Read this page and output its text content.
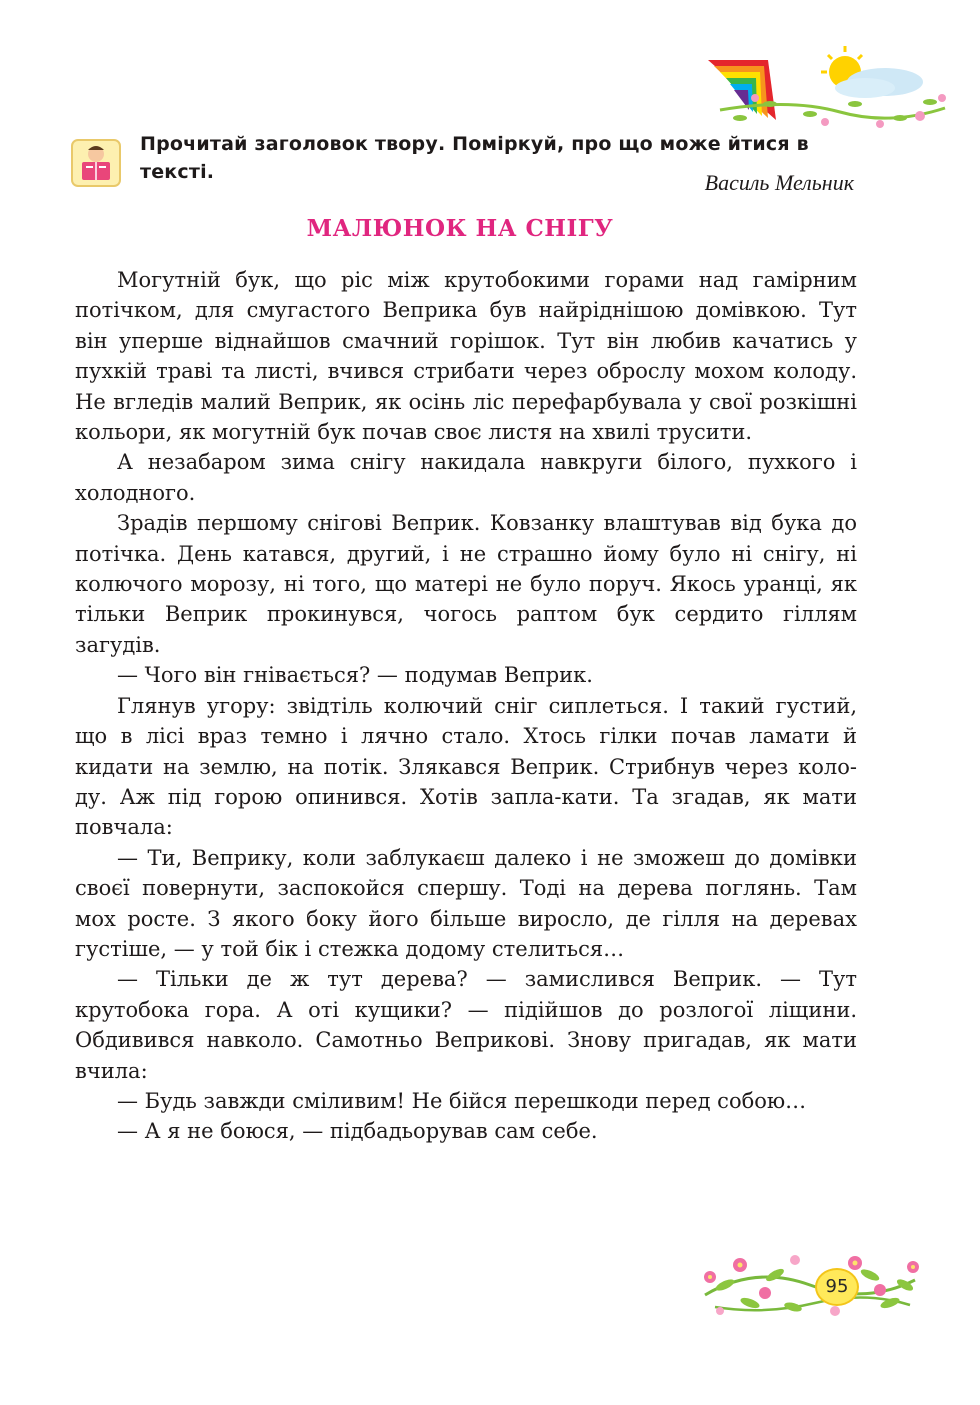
Прочитай заголовок твору. Поміркуй, про що може йтися в тексті.	Василь Мельник
МАЛЮНОК НА СНІГУ

Могутній бук, що ріс між крутобокими горами над гамірним потічком, для смугастого Веприка був найріднішою домівкою. Тут він уперше віднайшов смачний горішок. Тут він любив качатись у пухкій траві та листі, вчився стрибати через оброслу мохом колоду. Не вгледів малий Веприк, як осінь ліс перефарбувала у свої розкішні кольори, як могутній бук почав своє листя на хвилі трусити.

А незабаром зима снігу накидала навкруги білого, пухкого і холодного.

Зрадів першому снігові Веприк. Ковзанку влаштував від бука до потічка. День катався, другий, і не страшно йому було ні снігу, ні колючого морозу, ні того, що матері не було поруч. Якось уранці, як тільки Веприк прокинувся, чогось раптом бук сердито гіллям загудів.

— Чого він гнівається? — подумав Веприк.

Глянув угору: звідтіль колючий сніг сиплеться. І такий густий, що в лісі враз темно і лячно стало. Хтось гілки почав ламати й кидати на землю, на потік. Злякався Веприк. Стрибнув через коло-ду. Аж під горою опинився. Хотів запла-кати. Та згадав, як мати повчала:

— Ти, Веприку, коли заблукаєш далеко і не зможеш до домівки своєї повернути, заспокойся спершу. Тоді на дерева поглянь. Там мох росте. З якого боку його більше виросло, де гілля на деревах густіше, — у той бік і стежка додому стелиться…

— Тільки де ж тут дерева? — замислився Веприк. — Тут крутобока гора. А оті кущики? — підійшов до розлогої ліщини. Обдивився навколо. Самотньо Веприкові. Знову пригадав, як мати вчила:

— Будь завжди сміливим! Не бійся перешкоди перед собою…

— А я не боюся, — підбадьорував сам себе.

95
